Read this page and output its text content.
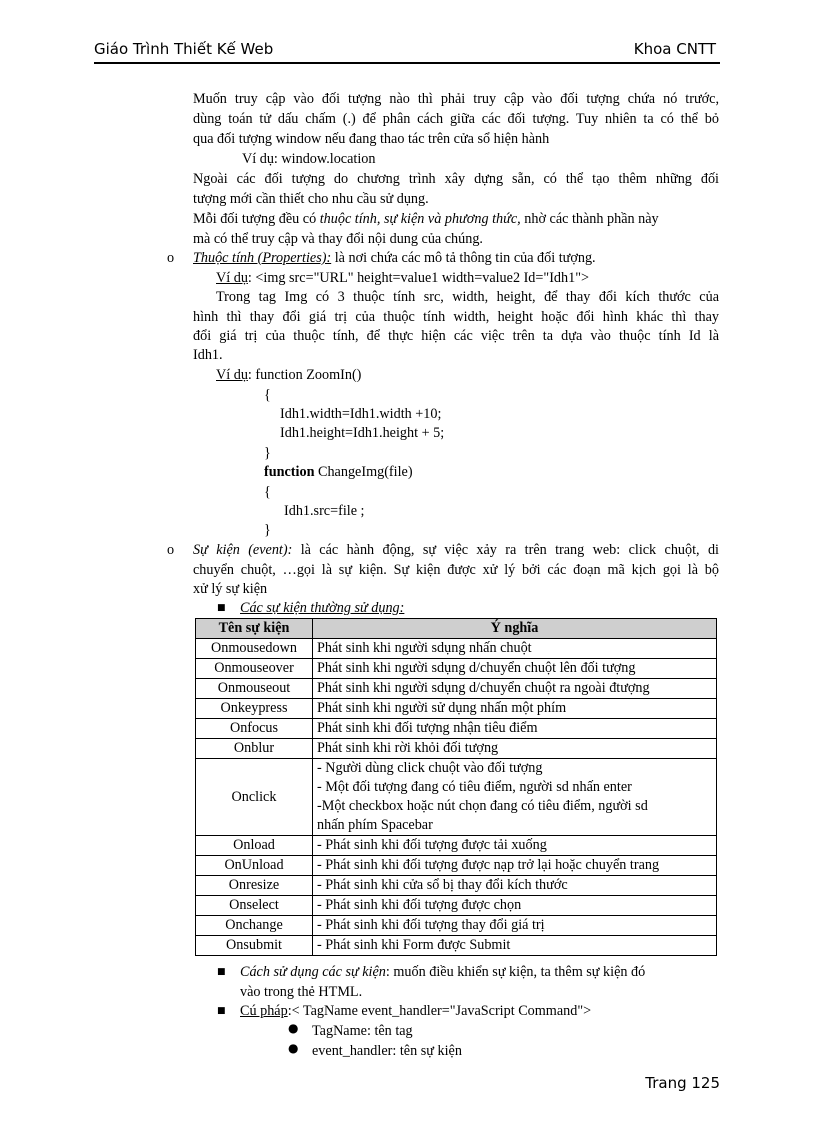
Giáo Trình Thiết Kế Web	Khoa CNTT
Muốn truy cập vào đối tượng nào thì phải truy cập vào đối tượng chứa nó trước,
dùng toán tử dấu chấm (.) để phân cách giữa các đối tượng. Tuy nhiên ta có thể bỏ
qua đối tượng window nếu đang thao tác trên cửa sổ hiện hành
Ví dụ: window.location
Ngoài các đối tượng do chương trình xây dựng sẵn, có thể tạo thêm những đối
tượng mới cần thiết cho nhu cầu sử dụng.
Mỗi đối tượng đều có thuộc tính, sự kiện và phương thức, nhờ các thành phần này
mà có thể truy cập và thay đổi nội dung của chúng.
o Thuộc tính (Properties): là nơi chứa các mô tả thông tin của đối tượng.
Ví dụ: <img src="URL" height=value1 width=value2 Id="Idh1">
Trong tag Img có 3 thuộc tính src, width, height, để thay đổi kích thước của
hình thì thay đổi giá trị của thuộc tính width, height hoặc đổi hình khác thì thay
đổi giá trị của thuộc tính, để thực hiện các việc trên ta dựa vào thuộc tính Id là
Idh1.
Ví dụ: function ZoomIn()
{
Idh1.width=Idh1.width +10;
Idh1.height=Idh1.height + 5;
}
function ChangeImg(file)
{
Idh1.src=file ;
}
o Sự kiện (event): là các hành động, sự việc xảy ra trên trang web: click chuột, di
chuyển chuột, …gọi là sự kiện. Sự kiện được xử lý bởi các đoạn mã kịch gọi là bộ
xử lý sự kiện
■ Các sự kiện thường sử dụng:
Tên sự kiện	Ý nghĩa
Onmousedown	Phát sinh khi người sdụng nhấn chuột
Onmouseover	Phát sinh khi người sdụng d/chuyển chuột lên đối tượng
Onmouseout	Phát sinh khi người sdụng d/chuyển chuột ra ngoài đtượng
Onkeypress	Phát sinh khi người sử dụng nhấn một phím
Onfocus	Phát sinh khi đối tượng nhận tiêu điểm
Onblur	Phát sinh khi rời khỏi đối tượng
Onclick	- Người dùng click chuột vào đối tượng
- Một đối tượng đang có tiêu điểm, người sd nhấn enter
-Một checkbox hoặc nút chọn đang có tiêu điểm, người sd
nhấn phím Spacebar

Onload	- Phát sinh khi đối tượng được tải xuống
OnUnload	- Phát sinh khi đối tượng được nạp trở lại hoặc chuyển trang
Onresize	- Phát sinh khi cửa sổ bị thay đổi kích thước
Onselect	- Phát sinh khi đối tượng được chọn
Onchange	- Phát sinh khi đối tượng thay đổi giá trị
Onsubmit	- Phát sinh khi Form được Submit
■ Cách sử dụng các sự kiện: muốn điều khiển sự kiện, ta thêm sự kiện đó
vào trong thẻ HTML.
■ Cú pháp:< TagName event_handler="JavaScript Command">
● TagName: tên tag
● event_handler: tên sự kiện
Trang 125
